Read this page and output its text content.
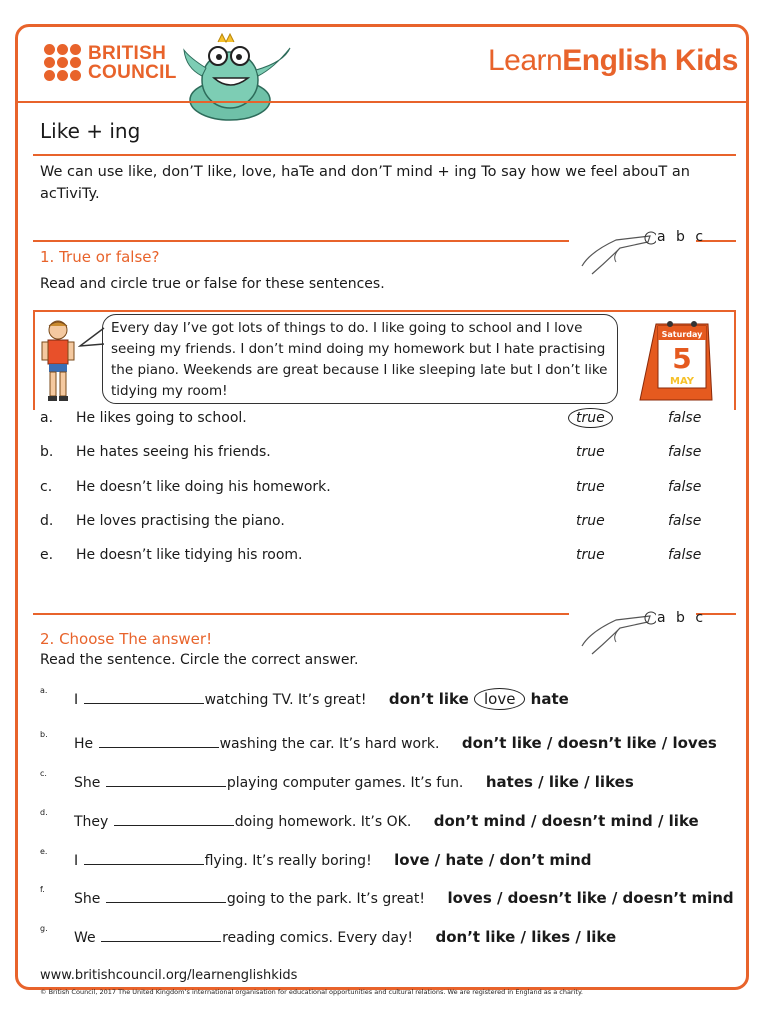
BRITISH
COUNCIL	LearnEnglish Kids
Like + ing
We can use like, don’T like, love, haTe and don’T mind + ing To say how we feel abouT an acTiviTy.
a b c
1. True or false?
Read and circle true or false for these sentences.
Every day I’ve got lots of things to do. I like going to school and I love seeing my friends. I don’t mind doing my homework but I hate practising the piano. Weekends are great because I like sleeping late but I don’t like tidying my room!
Saturday
5
MAY
a. He likes going to school.	true	false
b. He hates seeing his friends.	true	false
c. He doesn’t like doing his homework.	true	false
d. He loves practising the piano.	true	false
e. He doesn’t like tidying his room.	true	false
a b c
2. Choose The answer!
Read the sentence. Circle the correct answer.
a.
I	watching TV. It’s great! don’t like love hate
b.
He	washing the car. It’s hard work. don’t like / doesn’t like / loves
c.
She	playing computer games. It’s fun. hates / like / likes
d.
They	doing homework. It’s OK. don’t mind / doesn’t mind / like
e.
I	flying. It’s really boring! love / hate / don’t mind
f.
She	going to the park. It’s great! loves / doesn’t like / doesn’t mind
g.
We	reading comics. Every day! don’t like / likes / like
www.britishcouncil.org/learnenglishkids
© British Council, 2017 The United Kingdom’s international organisation for educational opportunities and cultural relations. We are registered in England as a charity.
